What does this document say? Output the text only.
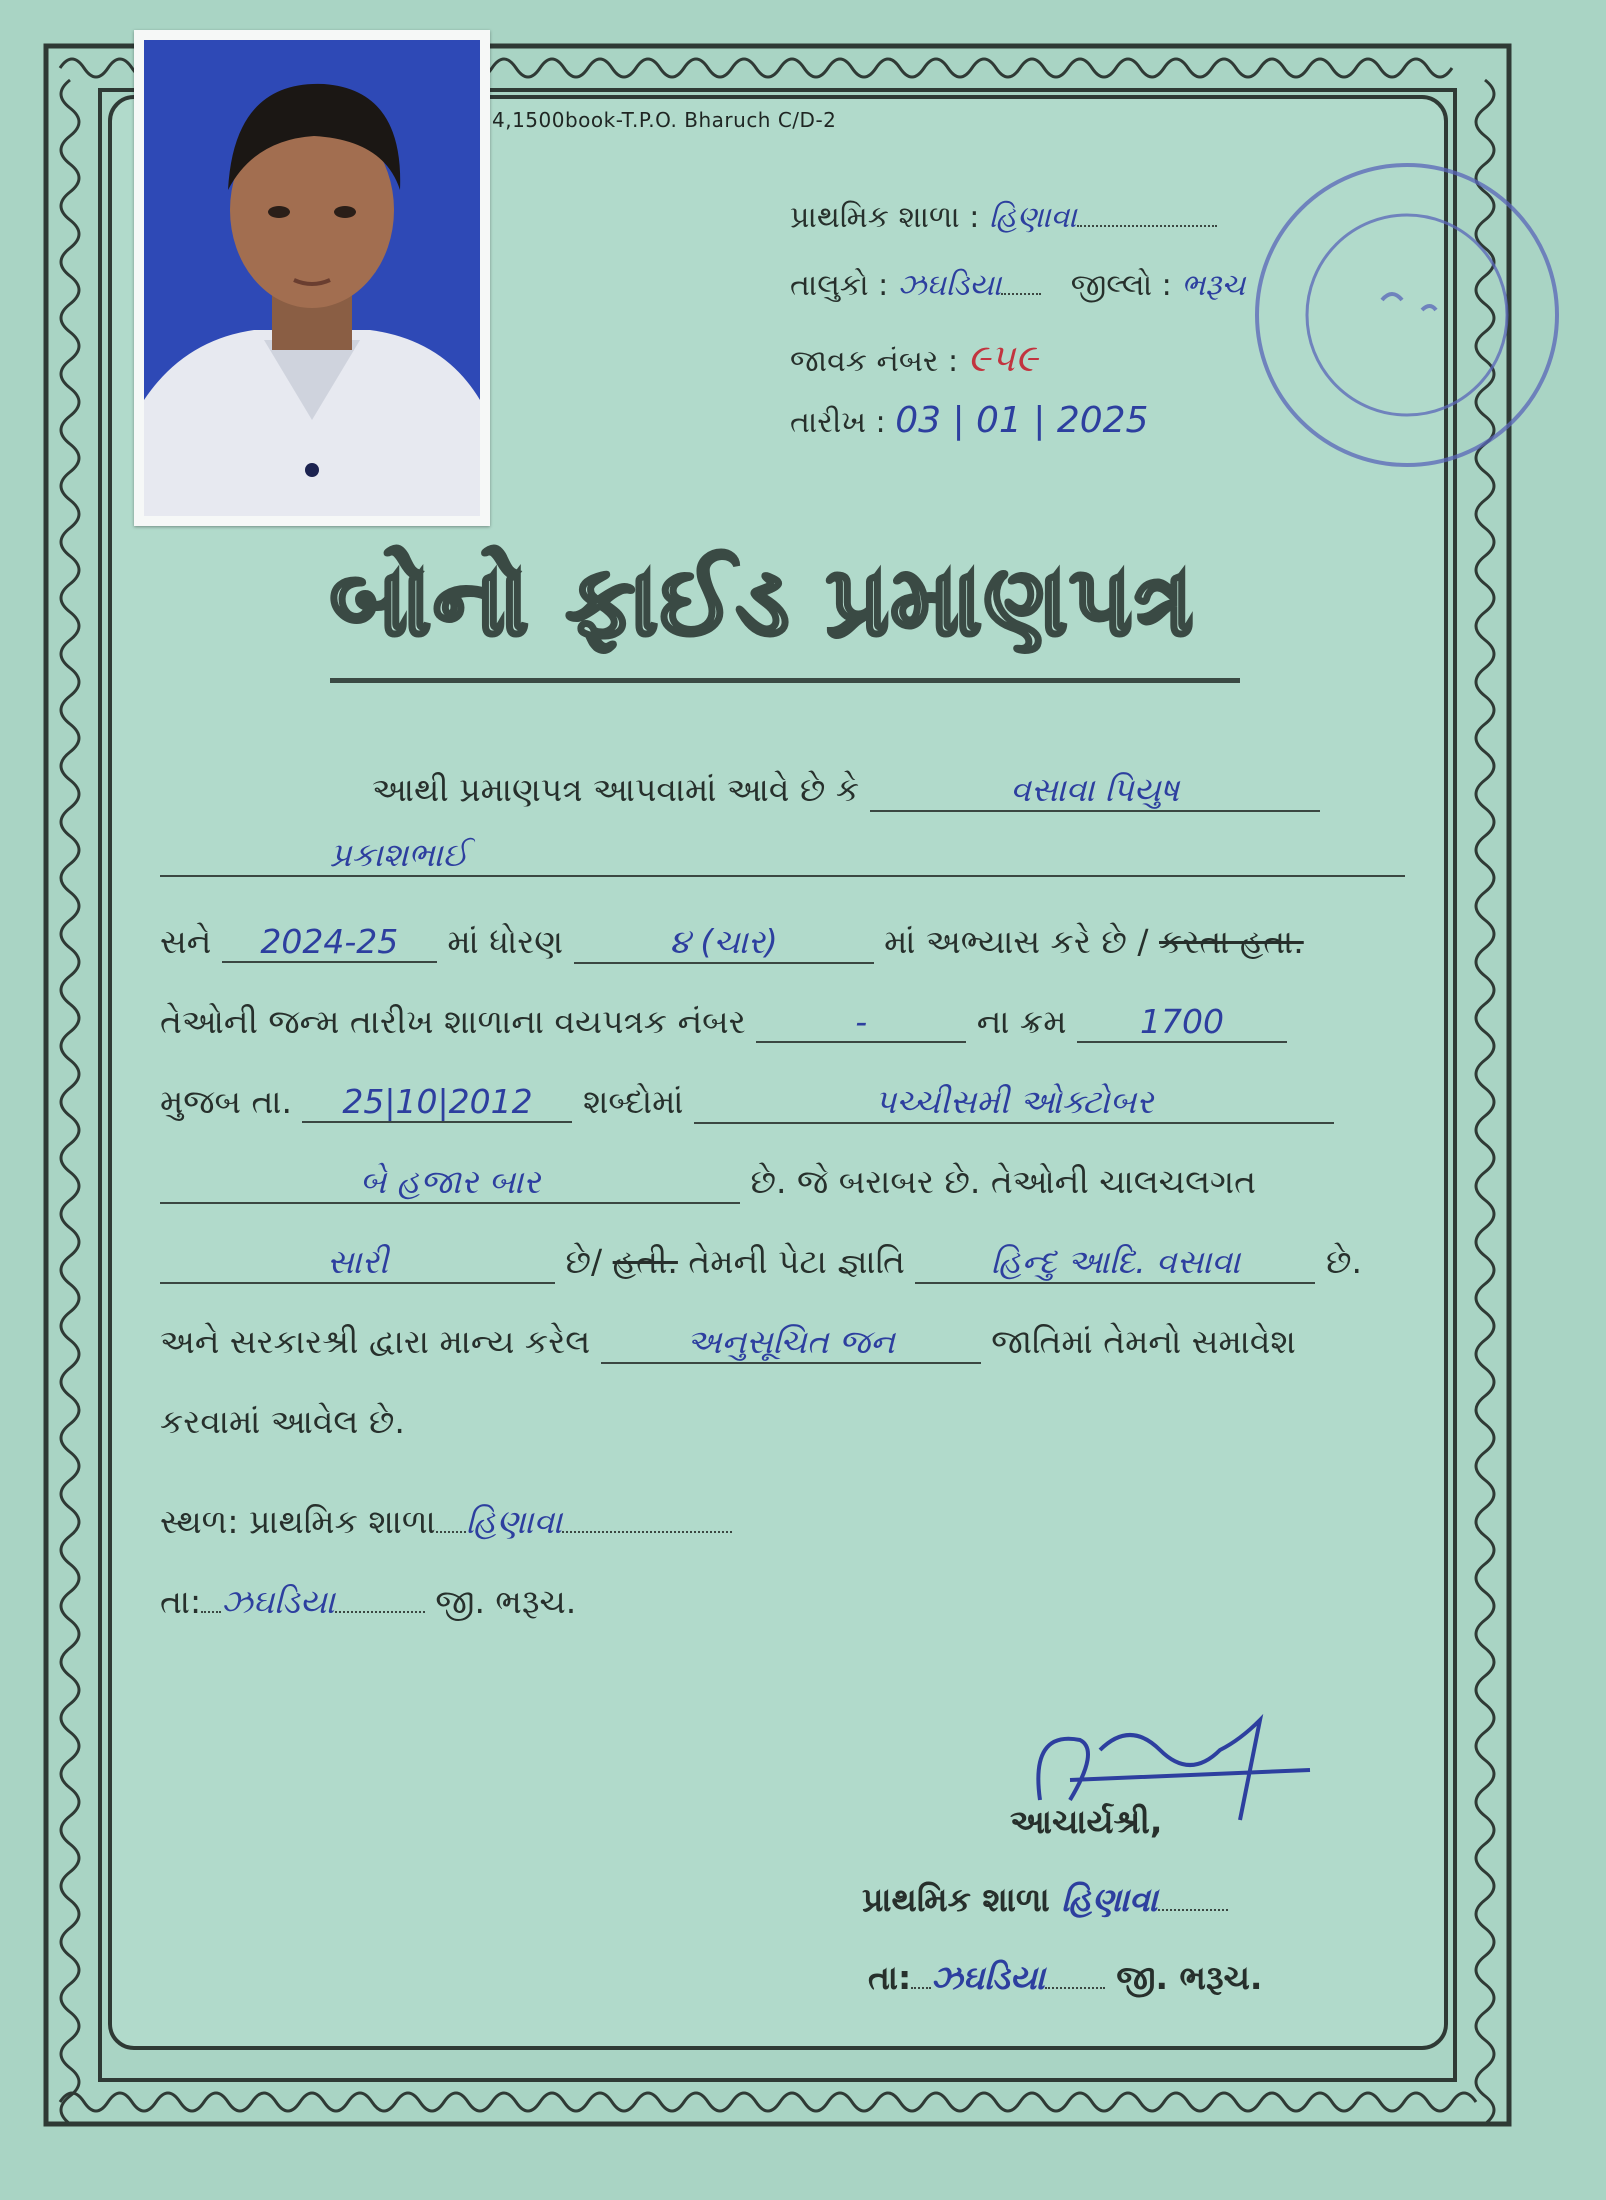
4,1500book-T.P.O. Bharuch C/D-2
પ્રાથમિક શાળા : હિણાવા
તાલુકો : ઝઘડિયા જીલ્લો : ભરૂચ
જાવક નંબર : ૯૫૯
તારીખ : 03 | 01 | 2025
બોનો ફાઈડ પ્રમાણપત્ર
આથી પ્રમાણપત્ર આપવામાં આવે છે કે	વસાવા પિયુષ
પ્રકાશભાઈ
સને 2024-25 માં ધોરણ	૪ (ચાર)	માં અભ્યાસ કરે છે / કરતા હતા.
તેઓની જન્મ તારીખ શાળાના વયપત્રક નંબર	-	ના ક્રમ 1700
મુજબ તા. 25|10|2012 શબ્દોમાં	પચ્ચીસમી ઓક્ટોબર
બે હજાર બાર	છે. જે બરાબર છે. તેઓની ચાલચલગત
સારી	છે/ હતી. તેમની પેટા જ્ઞાતિ	હિન્દુ આદિ. વસાવા	છે.
અને સરકારશ્રી દ્વારા માન્ય કરેલ	અનુસૂચિત જન	જાતિમાં તેમનો સમાવેશ
કરવામાં આવેલ છે.
સ્થળ: પ્રાથમિક શાળા હિણાવા
તા: ઝઘડિયા	જી. ભરૂચ.
આચાર્યશ્રી,
પ્રાથમિક શાળા હિણાવા
તા: ઝઘડિયા જી. ભરૂચ.
